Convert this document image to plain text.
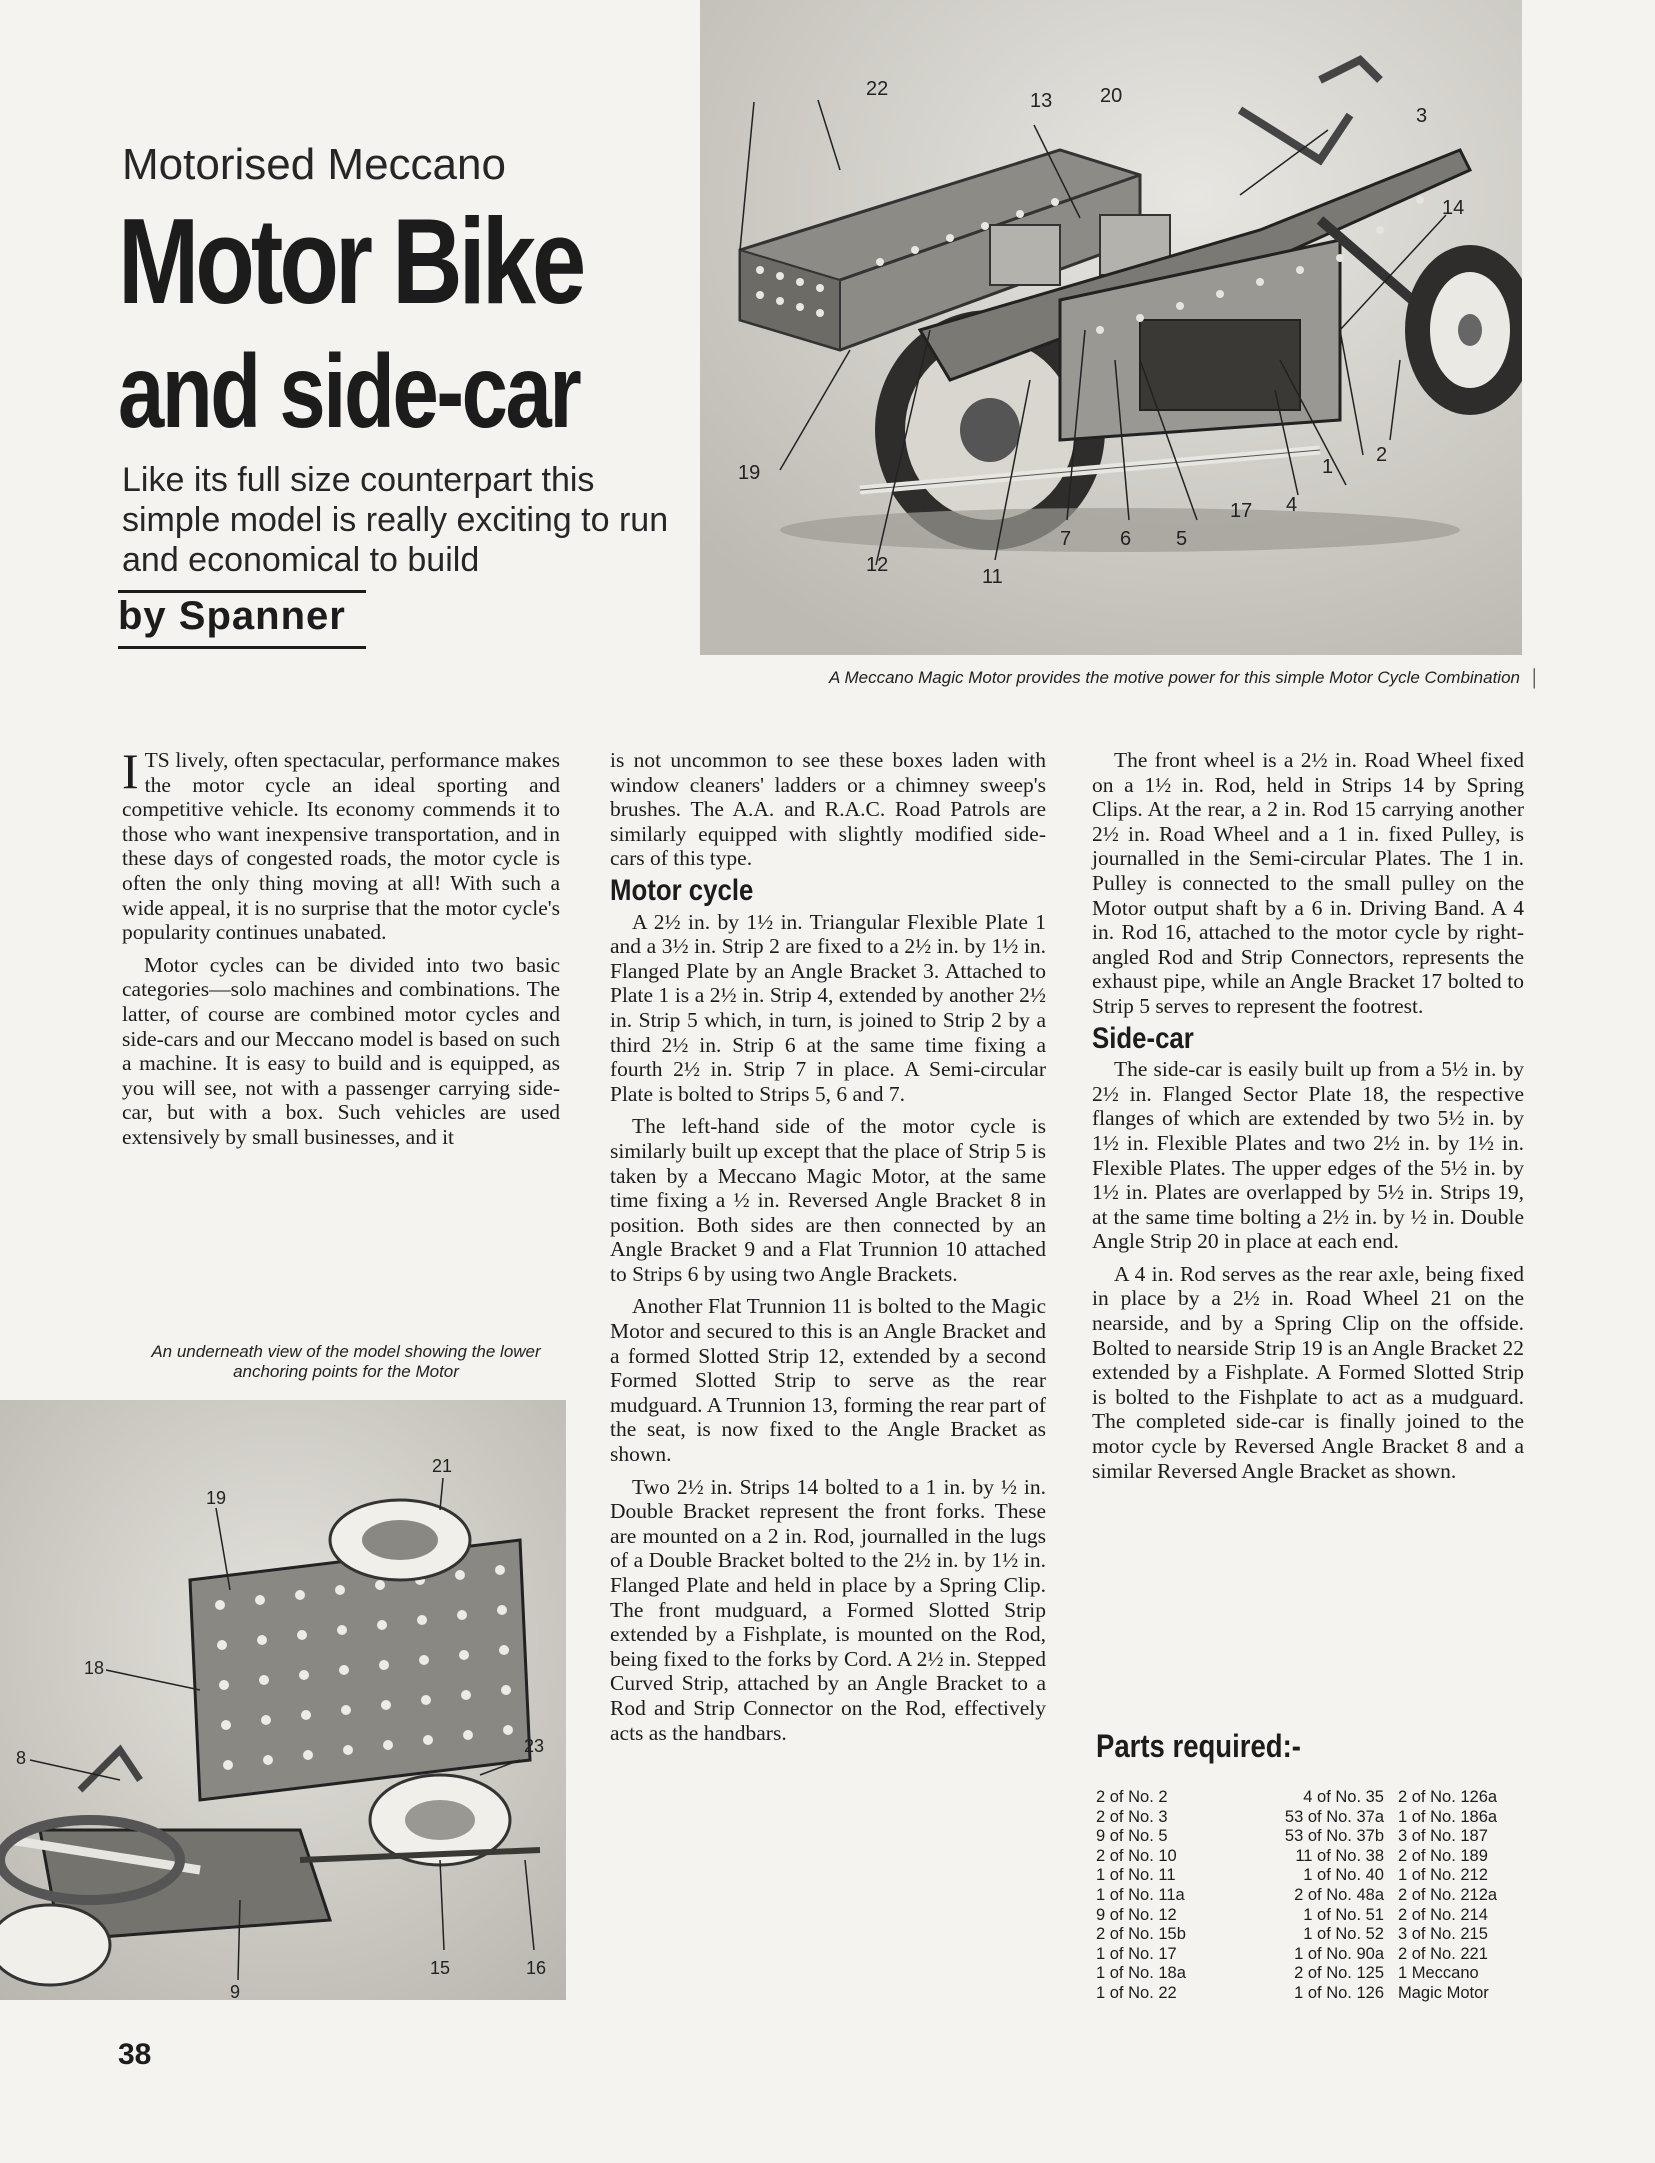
Motorised Meccano
Motor Bike
and side-car
Like its full size counterpart this simple model is really exciting to run and economical to build
by Spanner
22
13 20
3
14
19
12
11
7 6 5
17 4
1
2
A Meccano Magic Motor provides the motive power for this simple Motor Cycle Combination |

ITS lively, often spectacular, performance makes the motor cycle an ideal sporting and competitive vehicle. Its economy commends it to those who want inexpensive transportation, and in these days of congested roads, the motor cycle is often the only thing moving at all! With such a wide appeal, it is no surprise that the motor cycle's popularity continues unabated.

Motor cycles can be divided into two basic categories—solo machines and combinations. The latter, of course are combined motor cycles and side-cars and our Meccano model is based on such a machine. It is easy to build and is equipped, as you will see, not with a passenger carrying side-car, but with a box. Such vehicles are used extensively by small businesses, and it

An underneath view of the model showing the lower anchoring points for the Motor
21
19
18
8
23
9
15	16

is not uncommon to see these boxes laden with window cleaners' ladders or a chimney sweep's brushes. The A.A. and R.A.C. Road Patrols are similarly equipped with slightly modified side-cars of this type.

Motor cycle

A 2½ in. by 1½ in. Triangular Flexible Plate 1 and a 3½ in. Strip 2 are fixed to a 2½ in. by 1½ in. Flanged Plate by an Angle Bracket 3. Attached to Plate 1 is a 2½ in. Strip 4, extended by another 2½ in. Strip 5 which, in turn, is joined to Strip 2 by a third 2½ in. Strip 6 at the same time fixing a fourth 2½ in. Strip 7 in place. A Semi-circular Plate is bolted to Strips 5, 6 and 7.

The left-hand side of the motor cycle is similarly built up except that the place of Strip 5 is taken by a Meccano Magic Motor, at the same time fixing a ½ in. Reversed Angle Bracket 8 in position. Both sides are then connected by an Angle Bracket 9 and a Flat Trunnion 10 attached to Strips 6 by using two Angle Brackets.

Another Flat Trunnion 11 is bolted to the Magic Motor and secured to this is an Angle Bracket and a formed Slotted Strip 12, extended by a second Formed Slotted Strip to serve as the rear mudguard. A Trunnion 13, forming the rear part of the seat, is now fixed to the Angle Bracket as shown.

Two 2½ in. Strips 14 bolted to a 1 in. by ½ in. Double Bracket represent the front forks. These are mounted on a 2 in. Rod, journalled in the lugs of a Double Bracket bolted to the 2½ in. by 1½ in. Flanged Plate and held in place by a Spring Clip. The front mudguard, a Formed Slotted Strip extended by a Fishplate, is mounted on the Rod, being fixed to the forks by Cord. A 2½ in. Stepped Curved Strip, attached by an Angle Bracket to a Rod and Strip Connector on the Rod, effectively acts as the handbars.

The front wheel is a 2½ in. Road Wheel fixed on a 1½ in. Rod, held in Strips 14 by Spring Clips. At the rear, a 2 in. Rod 15 carrying another 2½ in. Road Wheel and a 1 in. fixed Pulley, is journalled in the Semi-circular Plates. The 1 in. Pulley is connected to the small pulley on the Motor output shaft by a 6 in. Driving Band. A 4 in. Rod 16, attached to the motor cycle by right-angled Rod and Strip Connectors, represents the exhaust pipe, while an Angle Bracket 17 bolted to Strip 5 serves to represent the footrest.

Side-car

The side-car is easily built up from a 5½ in. by 2½ in. Flanged Sector Plate 18, the respective flanges of which are extended by two 5½ in. by 1½ in. Flexible Plates and two 2½ in. by 1½ in. Flexible Plates. The upper edges of the 5½ in. by 1½ in. Plates are overlapped by 5½ in. Strips 19, at the same time bolting a 2½ in. by ½ in. Double Angle Strip 20 in place at each end.

A 4 in. Rod serves as the rear axle, being fixed in place by a 2½ in. Road Wheel 21 on the nearside, and by a Spring Clip on the offside. Bolted to nearside Strip 19 is an Angle Bracket 22 extended by a Fishplate. A Formed Slotted Strip is bolted to the Fishplate to act as a mudguard. The completed side-car is finally joined to the motor cycle by Reversed Angle Bracket 8 and a similar Reversed Angle Bracket as shown.

Parts required:-
2 of No. 2
2 of No. 3
9 of No. 5
2 of No. 10
1 of No. 11
1 of No. 11a
9 of No. 12
2 of No. 15b
1 of No. 17
1 of No. 18a
1 of No. 22
4 of No. 35
53 of No. 37a
53 of No. 37b
11 of No. 38
1 of No. 40
2 of No. 48a
1 of No. 51
1 of No. 52
1 of No. 90a
2 of No. 125
1 of No. 126
2 of No. 126a
1 of No. 186a
3 of No. 187
2 of No. 189
1 of No. 212
2 of No. 212a
2 of No. 214
3 of No. 215
2 of No. 221
1 Meccano
Magic Motor
38
